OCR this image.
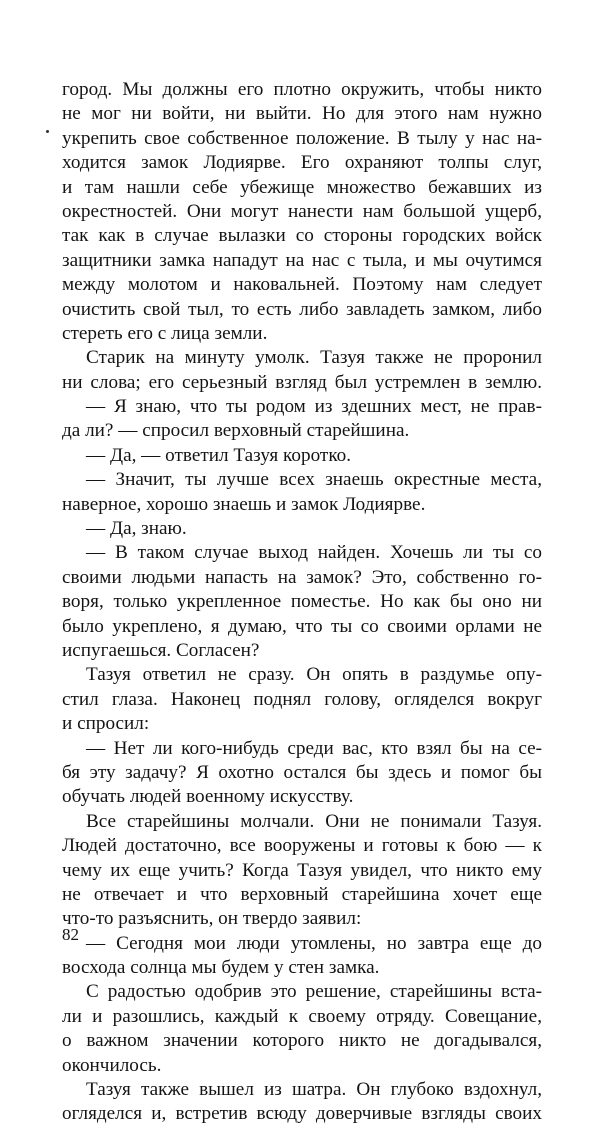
город. Мы должны его плотно окружить, чтобы никто
не мог ни войти, ни выйти. Но для этого нам нужно
укрепить свое собственное положение. В тылу у нас на-
ходится замок Лодиярве. Его охраняют толпы слуг,
и там нашли себе убежище множество бежавших из
окрестностей. Они могут нанести нам большой ущерб,
так как в случае вылазки со стороны городских войск
защитники замка нападут на нас с тыла, и мы очутимся
между молотом и наковальней. Поэтому нам следует
очистить свой тыл, то есть либо завладеть замком, либо
стереть его с лица земли.
Старик на минуту умолк. Тазуя также не проронил
ни слова; его серьезный взгляд был устремлен в землю.
— Я знаю, что ты родом из здешних мест, не прав-
да ли? — спросил верховный старейшина.
— Да, — ответил Тазуя коротко.
— Значит, ты лучше всех знаешь окрестные места,
наверное, хорошо знаешь и замок Лодиярве.
— Да, знаю.
— В таком случае выход найден. Хочешь ли ты со
своими людьми напасть на замок? Это, собственно го-
воря, только укрепленное поместье. Но как бы оно ни
было укреплено, я думаю, что ты со своими орлами не
испугаешься. Согласен?
Тазуя ответил не сразу. Он опять в раздумье опу-
стил глаза. Наконец поднял голову, огляделся вокруг
и спросил:
— Нет ли кого-нибудь среди вас, кто взял бы на се-
бя эту задачу? Я охотно остался бы здесь и помог бы
обучать людей военному искусству.
Все старейшины молчали. Они не понимали Тазуя.
Людей достаточно, все вооружены и готовы к бою — к
чему их еще учить? Когда Тазуя увидел, что никто ему
не отвечает и что верховный старейшина хочет еще
что-то разъяснить, он твердо заявил:
— Сегодня мои люди утомлены, но завтра еще до
восхода солнца мы будем у стен замка.
С радостью одобрив это решение, старейшины вста-
ли и разошлись, каждый к своему отряду. Совещание,
о важном значении которого никто не догадывался,
окончилось.
Тазуя также вышел из шатра. Он глубоко вздохнул,
огляделся и, встретив всюду доверчивые взгляды своих
82
